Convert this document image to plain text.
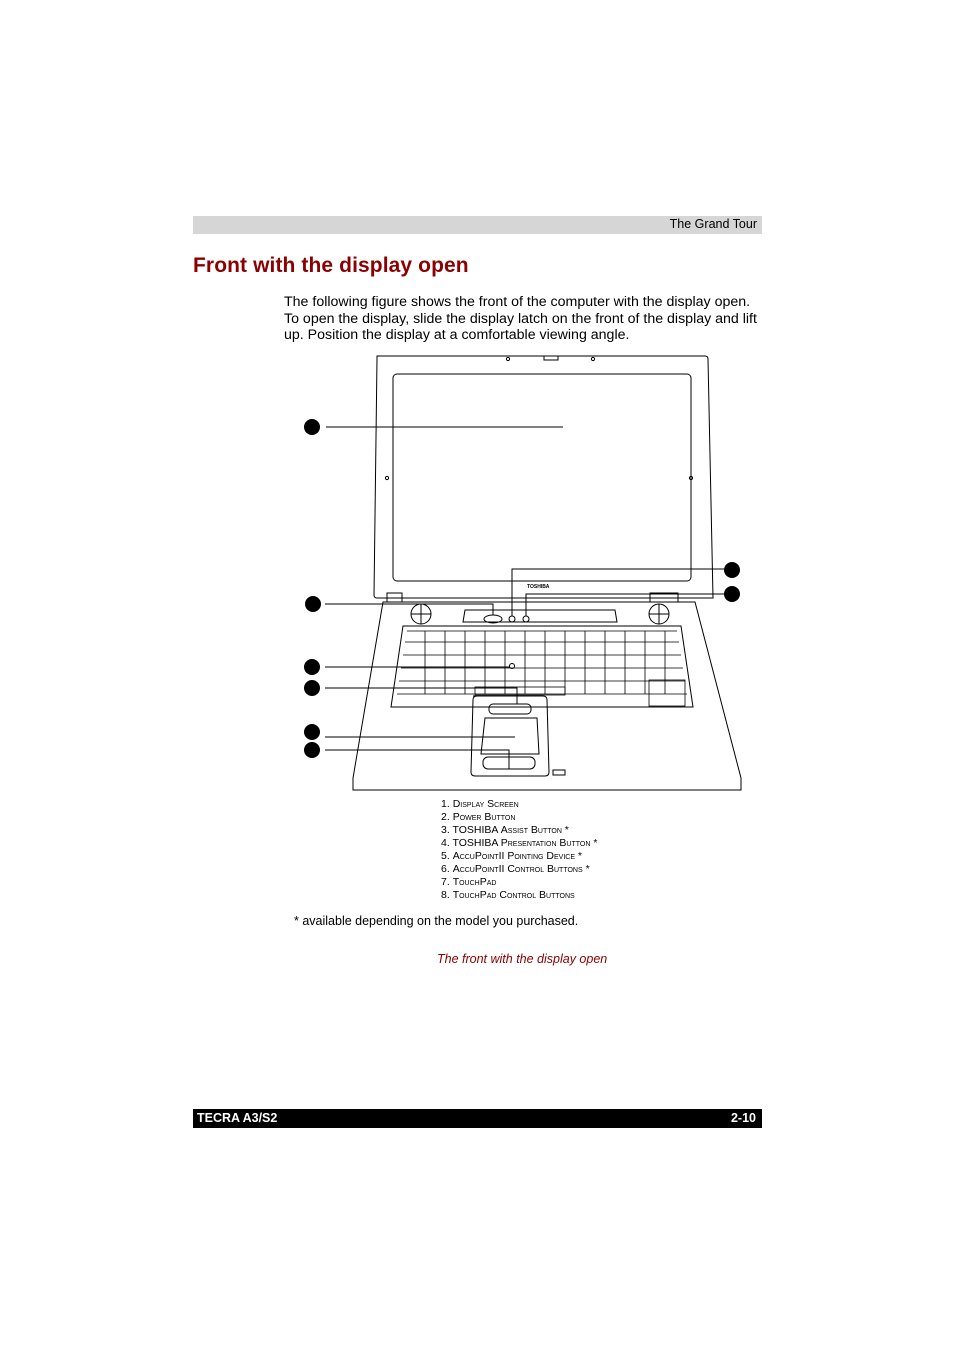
The Grand Tour
Front with the display open

The following figure shows the front of the computer with the display open. To open the display, slide the display latch on the front of the display and lift up. Position the display at a comfortable viewing angle.

TOSHIBA
1. Display Screen
2. Power Button
3. TOSHIBA Assist Button *
4. TOSHIBA Presentation Button *
5. AccuPointII Pointing Device *
6. AccuPointII Control Buttons *
7. TouchPad
8. TouchPad Control Buttons
* available depending on the model you purchased.
The front with the display open
TECRA A3/S2	2-10
